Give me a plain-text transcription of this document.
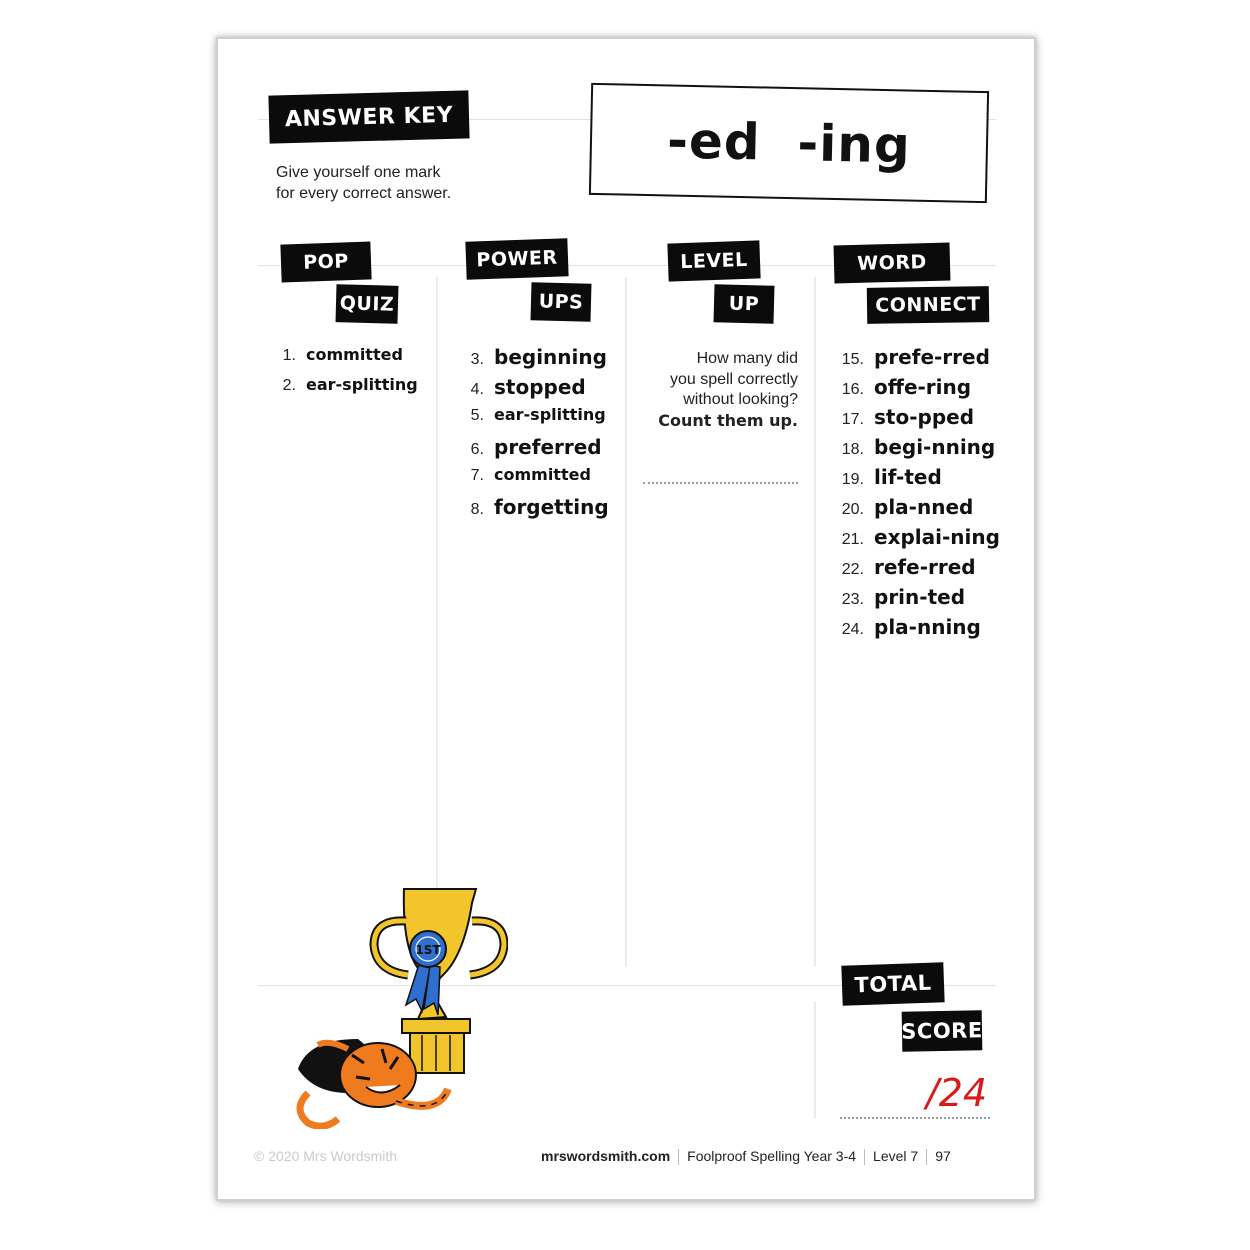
ANSWER KEY
Give yourself one mark
for every correct answer.
-ed  -ing
POP
QUIZ
1. committed
2. ear-splitting
POWER
UPS
3. beginning
4. stopped
5. ear-splitting
6. preferred
7. committed
8. forgetting
LEVEL
UP
How many did
you spell correctly
without looking?
Count them up.
WORD
CONNECT
15. prefe-rred
16. offe-ring
17. sto-pped
18. begi-nning
19. lif-ted
20. pla-nned
21. explai-ning
22. refe-rred
23. prin-ted
24. pla-nning
TOTAL
SCORE
/24
1ST
© 2020 Mrs Wordsmith	mrswordsmith.com Foolproof Spelling Year 3-4 Level 7 97
